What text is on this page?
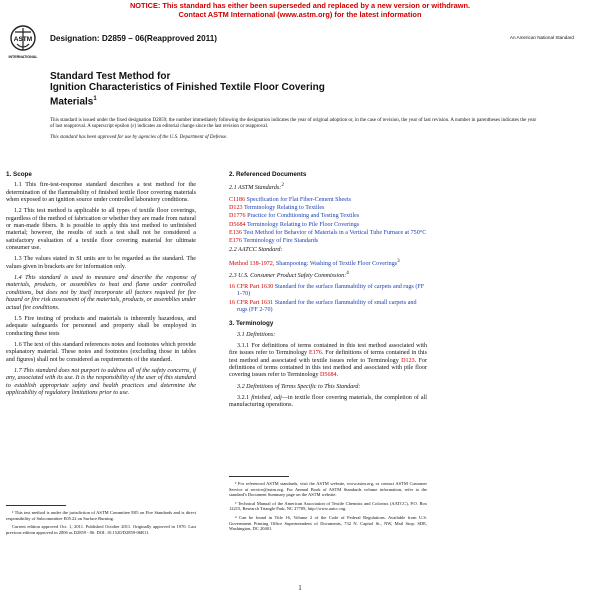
NOTICE: This standard has either been superseded and replaced by a new version or withdrawn.
Contact ASTM International (www.astm.org) for the latest information
ASTM
INTERNATIONAL
Designation: D2859 – 06(Reapproved 2011)	An American National Standard
Standard Test Method for
Ignition Characteristics of Finished Textile Floor Covering
Materials$^1$

This standard is issued under the fixed designation D2859; the number immediately following the designation indicates the year of original adoption or, in the case of revision, the year of last revision. A number in parentheses indicates the year of last reapproval. A superscript epsilon (ε) indicates an editorial change since the last revision or reapproval.

This standard has been approved for use by agencies of the U.S. Department of Defense.

1. Scope

1.1 This fire-test-response standard describes a test method for the determination of the flammability of finished textile floor covering materials when exposed to an ignition source under controlled laboratory conditions.

1.2 This test method is applicable to all types of textile floor coverings, regardless of the method of fabrication or whether they are made from natural or man-made fibers. It is possible to apply this test method to unfinished material; however, the results of such a test shall not be considered a satisfactory evaluation of a textile floor covering material for ultimate consumer use.

1.3 The values stated in SI units are to be regarded as the standard. The values given in brackets are for information only.

1.4 This standard is used to measure and describe the response of materials, products, or assemblies to heat and flame under controlled conditions, but does not by itself incorporate all factors required for fire hazard or fire risk assessment of the materials, products, or assemblies under actual fire conditions.

1.5 Fire testing of products and materials is inherently hazardous, and adequate safeguards for personnel and property shall be employed in conducting these tests

1.6 The text of this standard references notes and footnotes which provide explanatory material. These notes and footnotes (excluding those in tables and figures) shall not be considered as requirements of the standard.

1.7 This standard does not purport to address all of the safety concerns, if any, associated with its use. It is the responsibility of the user of this standard to establish appropriate safety and health practices and determine the applicability of regulatory limitations prior to use.

¹ This test method is under the jurisdiction of ASTM Committee E05 on Fire Standards and is direct responsibility of Subcommittee E05.22 on Surface Burning.

Current edition approved Oct. 1, 2011. Published October 2011. Originally approved in 1970. Last previous edition approved in 2006 as D2859 - 06. DOI: 10.1520/D2859-06R11.

2. Referenced Documents

2.1 ASTM Standards:$^2$

C1186 Specification for Flat Fiber-Cement Sheets
D123 Terminology Relating to Textiles
D1776 Practice for Conditioning and Testing Textiles
D5684 Terminology Relating to Pile Floor Coverings
E136 Test Method for Behavior of Materials in a Vertical Tube Furnace at 750°C
E176 Terminology of Fire Standards

2.2 AATCC Standard:

Method 138-1972, Shampooing: Washing of Textile Floor Coverings$^3$

2.3 U.S. Consumer Product Safety Commission:$^4$

16 CFR Part 1630 Standard for the surface flammability of carpets and rugs (FF 1-70)
16 CFR Part 1631 Standard for the surface flammability of small carpets and rugs (FF 2-70)

3. Terminology

3.1 Definitions:

3.1.1 For definitions of terms contained in this test method associated with fire issues refer to Terminology E176. For definitions of terms contained in this test method and associated with textile issues refer to Terminology D123. For definitions of terms contained in this test method and associated with pile floor covering issues refer to Terminology D5684.

3.2 Definitions of Terms Specific to This Standard:

3.2.1 finished, adj—in textile floor covering materials, the completion of all manufacturing operations.

² For referenced ASTM standards, visit the ASTM website, www.astm.org, or contact ASTM Customer Service at service@astm.org. For Annual Book of ASTM Standards volume information, refer to the standard's Document Summary page on the ASTM website.

³ Technical Manual of the American Association of Textile Chemists and Colorists (AATCC), P.O. Box 12215, Research Triangle Park, NC 27709, http://www.aatcc.org.

⁴ Can be found in Title 16, Volume 2 of the Code of Federal Regulations. Available from U.S. Government Printing Office Superintendent of Documents, 732 N. Capitol St., NW, Mail Stop: SDE, Washington, DC 20401.

1
